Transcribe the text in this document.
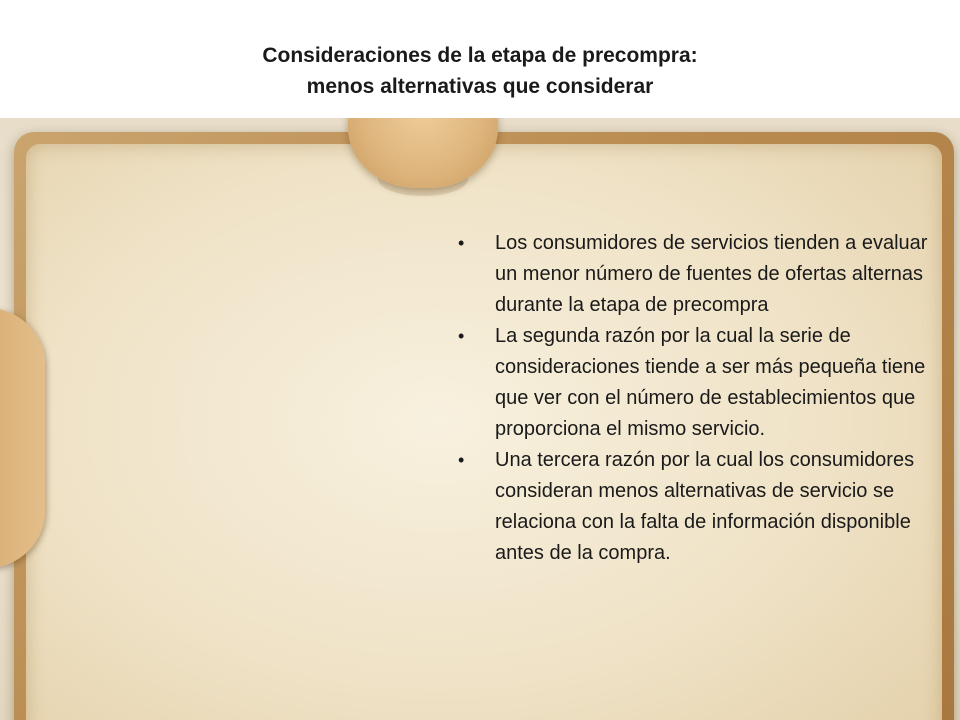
Consideraciones de la etapa de precompra:
menos alternativas que considerar
• Los consumidores de servicios tienden a evaluar un menor número de fuentes de ofertas alternas durante la etapa de precompra
• La segunda razón por la cual la serie de consideraciones tiende a ser más pequeña tiene que ver con el número de establecimientos que proporciona el mismo servicio.
• Una tercera razón por la cual los consumidores consideran menos alternativas de servicio se relaciona con la falta de información disponible antes de la compra.
